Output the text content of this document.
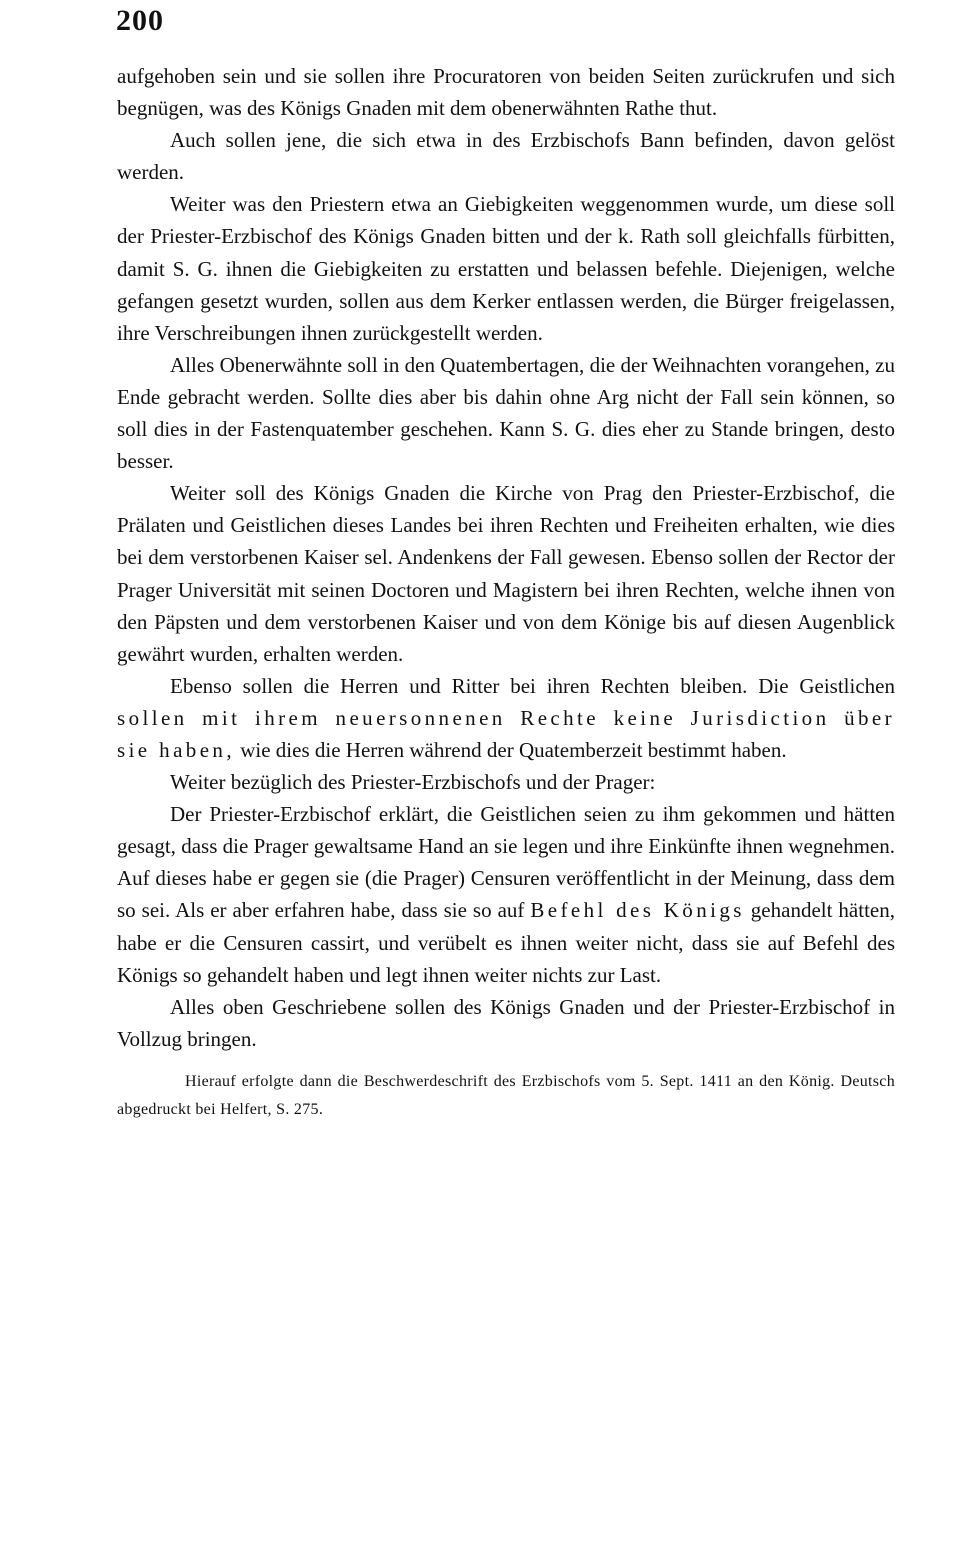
200

aufgehoben sein und sie sollen ihre Procuratoren von beiden Seiten zurückrufen und sich begnügen, was des Königs Gnaden mit dem obenerwähnten Rathe thut.

Auch sollen jene, die sich etwa in des Erzbischofs Bann befinden, davon gelöst werden.

Weiter was den Priestern etwa an Giebigkeiten weggenommen wurde, um diese soll der Priester-Erzbischof des Königs Gnaden bitten und der k. Rath soll gleichfalls fürbitten, damit S. G. ihnen die Giebigkeiten zu erstatten und belassen befehle. Diejenigen, welche gefangen gesetzt wurden, sollen aus dem Kerker entlassen werden, die Bürger freigelassen, ihre Verschreibungen ihnen zurückgestellt werden.

Alles Obenerwähnte soll in den Quatembertagen, die der Weihnachten vorangehen, zu Ende gebracht werden. Sollte dies aber bis dahin ohne Arg nicht der Fall sein können, so soll dies in der Fastenquatember geschehen. Kann S. G. dies eher zu Stande bringen, desto besser.

Weiter soll des Königs Gnaden die Kirche von Prag den Priester-Erzbischof, die Prälaten und Geistlichen dieses Landes bei ihren Rechten und Freiheiten erhalten, wie dies bei dem verstorbenen Kaiser sel. Andenkens der Fall gewesen. Ebenso sollen der Rector der Prager Universität mit seinen Doctoren und Magistern bei ihren Rechten, welche ihnen von den Päpsten und dem verstorbenen Kaiser und von dem Könige bis auf diesen Augenblick gewährt wurden, erhalten werden.

Ebenso sollen die Herren und Ritter bei ihren Rechten bleiben. Die Geistlichen sollen mit ihrem neuersonnenen Rechte keine Jurisdiction über sie haben, wie dies die Herren während der Quatemberzeit bestimmt haben.

Weiter bezüglich des Priester-Erzbischofs und der Prager:

Der Priester-Erzbischof erklärt, die Geistlichen seien zu ihm gekommen und hätten gesagt, dass die Prager gewaltsame Hand an sie legen und ihre Einkünfte ihnen wegnehmen. Auf dieses habe er gegen sie (die Prager) Censuren veröffentlicht in der Meinung, dass dem so sei. Als er aber erfahren habe, dass sie so auf Befehl des Königs gehandelt hätten, habe er die Censuren cassirt, und verübelt es ihnen weiter nicht, dass sie auf Befehl des Königs so gehandelt haben und legt ihnen weiter nichts zur Last.

Alles oben Geschriebene sollen des Königs Gnaden und der Priester-Erzbischof in Vollzug bringen.

Hierauf erfolgte dann die Beschwerdeschrift des Erzbischofs vom 5. Sept. 1411 an den König. Deutsch abgedruckt bei Helfert, S. 275.
